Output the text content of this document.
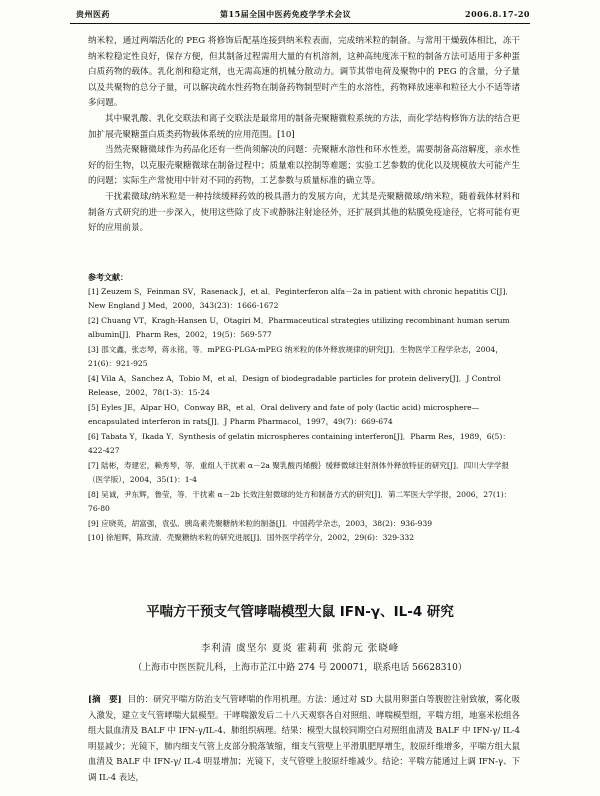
贵州医药	第15届全国中医药免疫学学术会议	2006.8.17-20

纳米粒，通过两端活化的 PEG 将修饰后配基连接到纳米粒表面，完成纳米粒的制备。与常用干燥载体相比，冻干纳米粒稳定性良好，保存方便，但其制备过程需用大量的有机溶剂，这种高纯度冻干粒的制备方法可适用于多种蛋白质药物的载体。乳化剂和稳定剂，也无需高速的机械分散动力。调节其带电荷及聚物中的 PEG 的含量，分子量以及共聚物的总分子量，可以解决疏水性药物在制备药物制型时产生的水溶性，药物释放速率和粒径大小不适等诸多问题。

其中聚乳酸、乳化交联法和离子交联法是最常用的制备壳聚糖微粒系统的方法，而化学结构修饰方法的结合更加扩展壳聚糖蛋白质类药物载体系统的应用范围。[10]

当然壳聚糖微球作为药品化还有一些尚须解决的问题：壳聚糖水溶性和环水性差，需要制备高溶解度，亲水性好的衍生物，以克服壳聚糖微球在制备过程中；质量难以控制等难题；实验工艺参数的优化以及规模放大可能产生的问题；实际生产常使用中针对不同的药物，工艺参数与质量标准的确立等。

干扰素微球/纳米粒是一种持续缓释药效的极具潜力的发展方向，尤其是壳聚糖微球/纳米粒，随着载体材料和制备方式研究的进一步深入，使用这些除了皮下或静脉注射途径外，还扩展到其他的粘膜免疫途径，它将可能有更好的应用前景。

参考文献：
[1] Zeuzem S，Feinman SV，Rasenack J，et al．Peginterferon alfa－2a in patient with chronic hepatitis C[J]．New England J Med，2000，343(23)：1666-1672
[2] Chuang VT，Kragh-Hansen U，Otagiri M．Pharmaceutical strategies utilizing recombinant human serum albumin[J]．Pharm Res，2002，19(5)：569-577
[3] 邵文鑫，张志琴，蒋永铭，等．mPEG-PLGA-mPEG 纳米粒的体外释放规律的研究[J]．生物医学工程学杂志，2004，21(6)：921-925
[4] Vila A，Sanchez A，Tobio M，et al．Design of biodegradable particles for protein delivery[J]．J Control Release，2002，78(1-3)：15-24
[5] Eyles JE，Alpar HO，Conway BR，et al．Oral delivery and fate of poly (lactic acid) microsphere—encapsulated interferon in rats[J]．J Pharm Pharmacol，1997，49(7)：669-674
[6] Tabata Y，Ikada Y．Synthesis of gelatin microspheres containing interferon[J]．Pharm Res，1989，6(5)：422-427
[7] 陆彬，寿建宏，赖秀琴，等．重组人干扰素 α－2a 聚乳酸丙烯酸｝缓释微球注射剂体外释放特征的研究[J]．四川大学学报（医学版），2004，35(1)：1-4
[8] 吴诚，尹东辉，鲁莹，等．干扰素 α－2b 长效注射微球的处方和制备方式的研究[J]．第二军医大学学报，2006，27(1)：76-80
[9] 应晓英，胡富强，袁弘．胰岛素壳聚糖纳米粒的制备[J]．中国药学杂志，2003，38(2)：936-939
[10] 徐旭辉，陈玫清．壳聚糖纳米粒的研究进展[J]．国外医学药学分，2002，29(6)：329-332
平喘方干预支气管哮喘模型大鼠 IFN-γ、IL-4 研究
李利清 虞坚尔 夏炎 霍莉莉 张韵元 张晓峰
（上海市中医医院儿科，上海市芷江中路 274 号 200071，联系电话 56628310）
[摘　要] 目的：研究平喘方防治支气管哮喘的作用机理。方法：通过对 SD 大鼠用卵蛋白等腹腔注射致敏，雾化吸入激发，建立支气管哮喘大鼠模型。干哮喘激发后二十八天观察各自对照组、哮喘模型组，平喘方组，地塞米松组各组大鼠血清及 BALF 中 IFN-γ/IL-4、肺组织病理。结果：模型大鼠较同期空白对照组血清及 BALF 中 IFN-γ/ IL-4 明显减少；光镜下，肺内细支气管上皮部分脱落皱缩，细支气管壁上平滑肌肥厚增生，胶原纤维增多，平喘方组大鼠血清及 BALF 中 IFN-γ/ IL-4 明显增加；光镜下，支气管壁上胶原纤维减少。结论：平喘方能通过上调 IFN-γ、下调 IL-4 表达，
